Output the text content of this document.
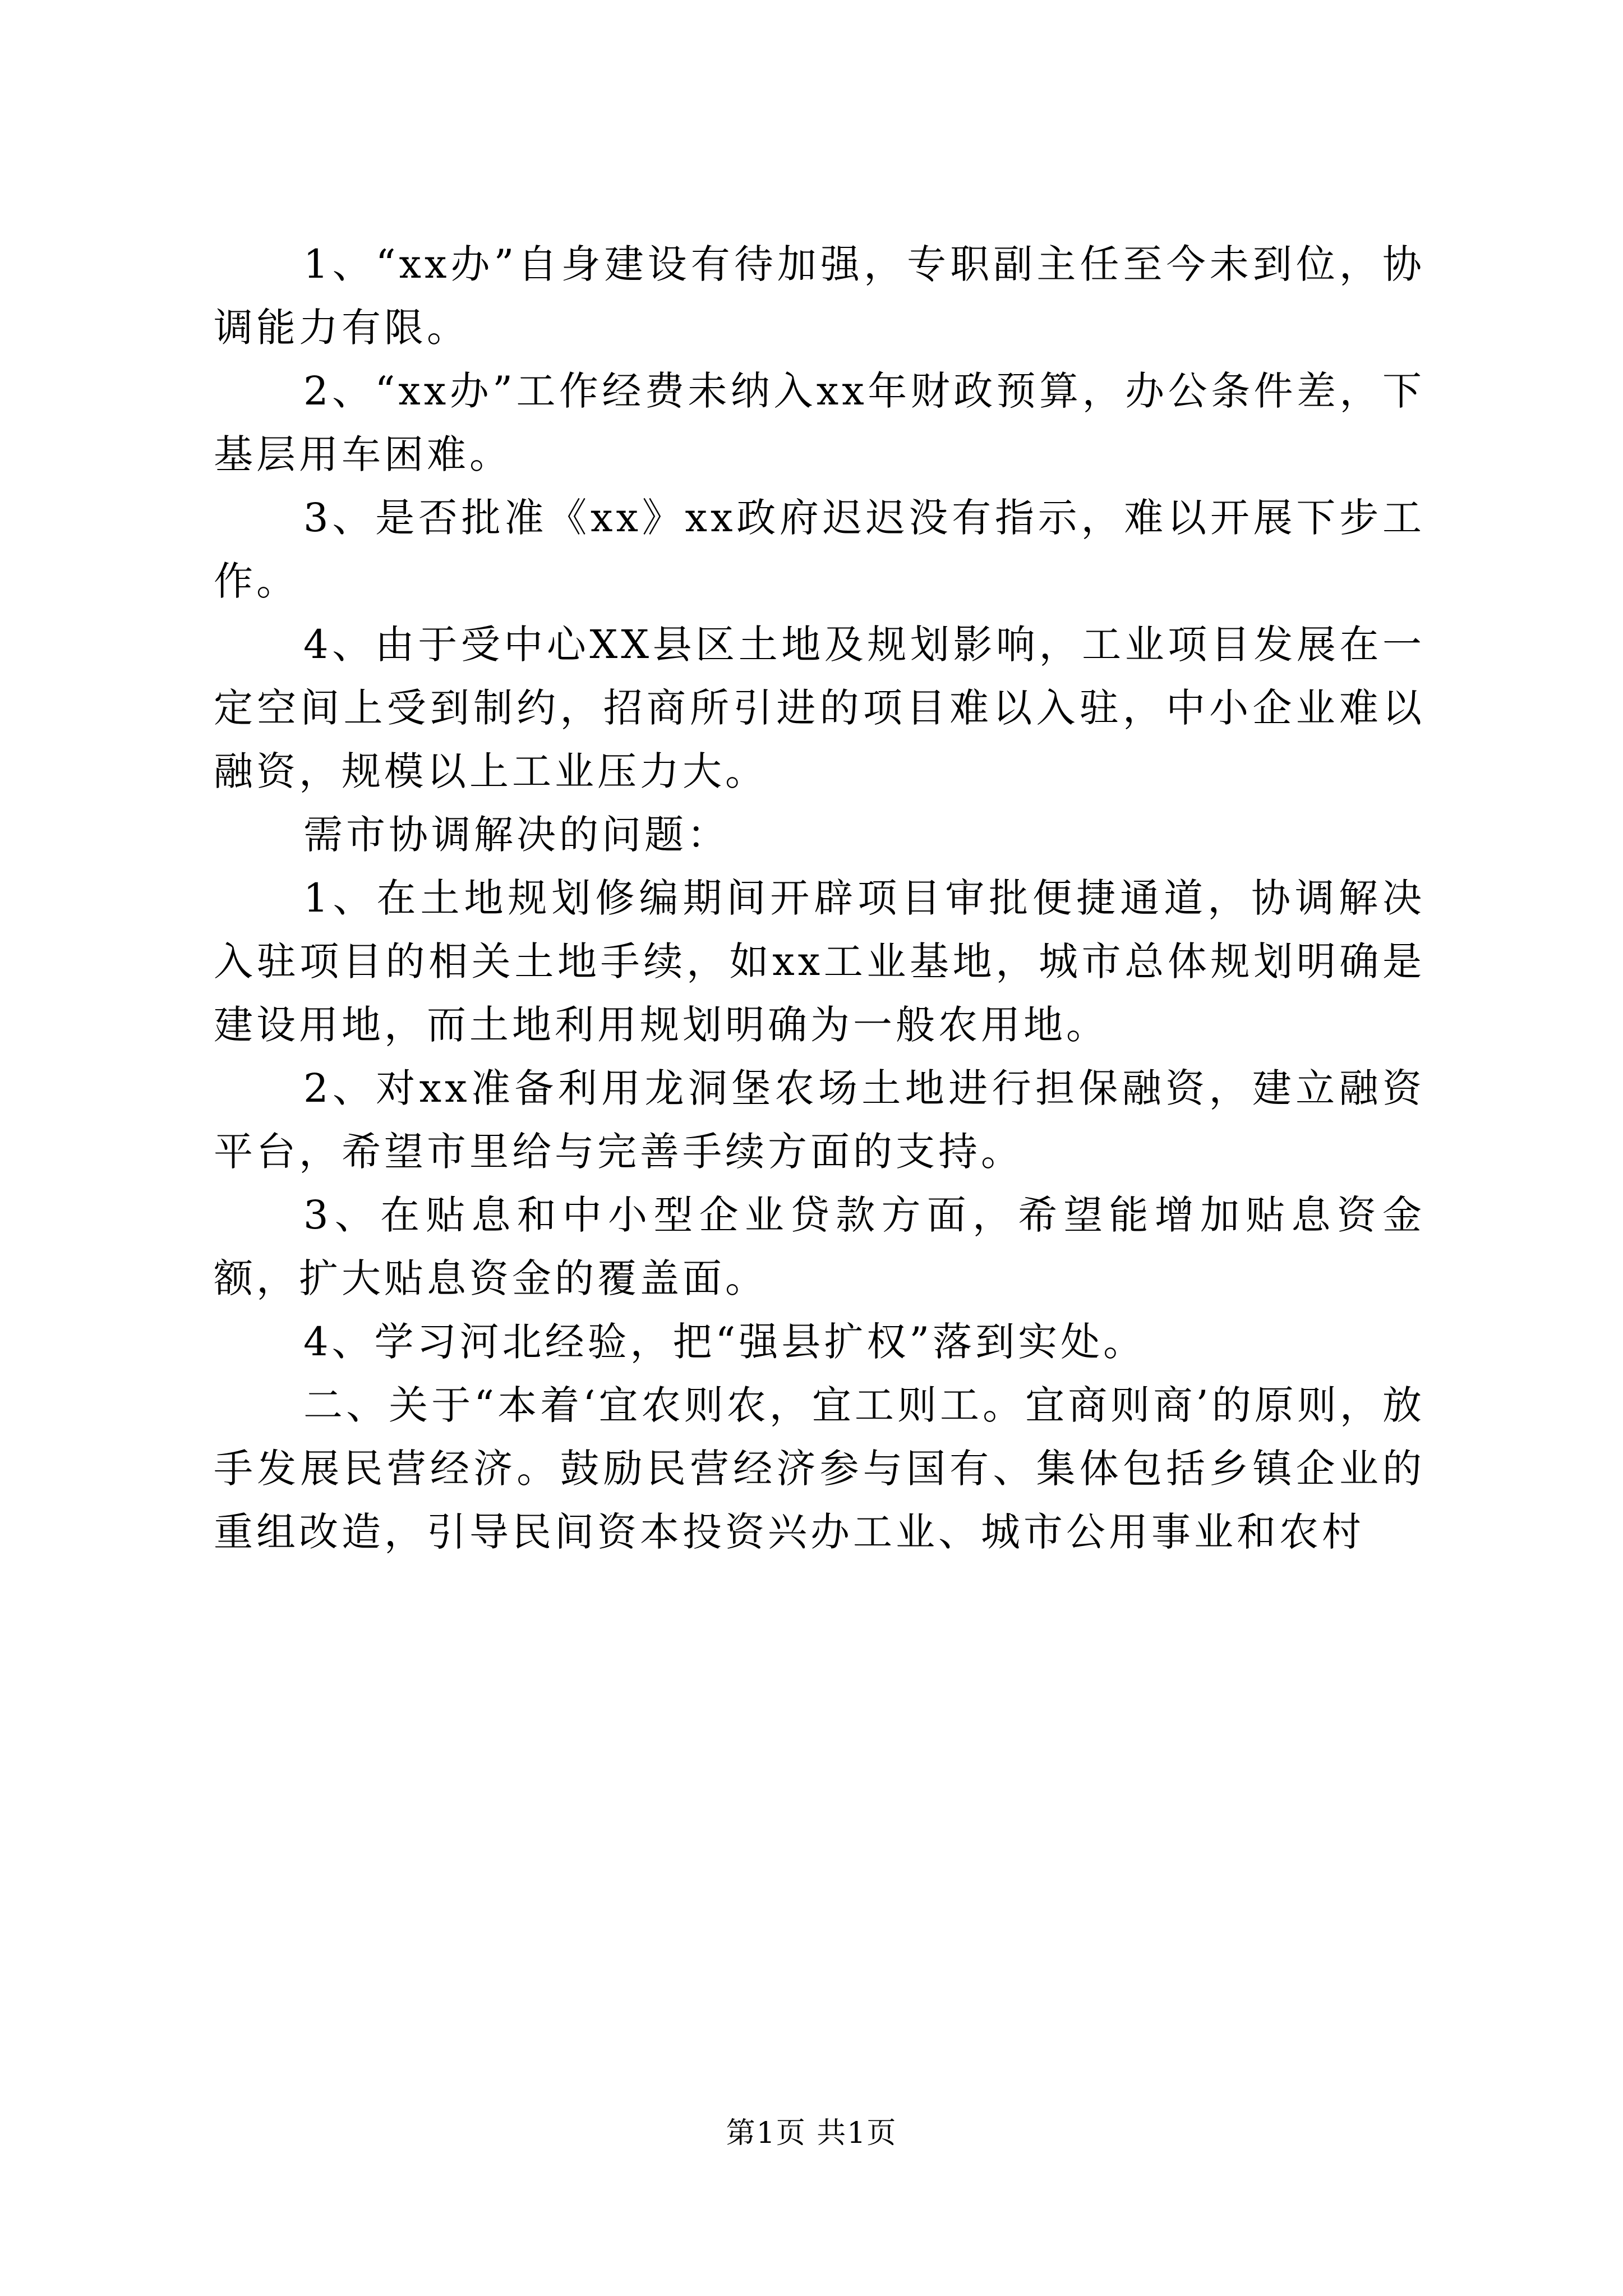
1、“xx办”自身建设有待加强，专职副主任至今未到位，协调能力有限。

2、“xx办”工作经费未纳入xx年财政预算，办公条件差，下基层用车困难。

3、是否批准《xx》xx政府迟迟没有指示，难以开展下步工作。

4、由于受中心XX县区土地及规划影响，工业项目发展在一定空间上受到制约，招商所引进的项目难以入驻，中小企业难以融资，规模以上工业压力大。

需市协调解决的问题：

1、在土地规划修编期间开辟项目审批便捷通道，协调解决入驻项目的相关土地手续，如xx工业基地，城市总体规划明确是建设用地，而土地利用规划明确为一般农用地。

2、对xx准备利用龙洞堡农场土地进行担保融资，建立融资平台，希望市里给与完善手续方面的支持。

3、在贴息和中小型企业贷款方面，希望能增加贴息资金额，扩大贴息资金的覆盖面。

4、学习河北经验，把“强县扩权”落到实处。

二、关于“本着‘宜农则农，宜工则工。宜商则商’的原则，放手发展民营经济。鼓励民营经济参与国有、集体包括乡镇企业的重组改造，引导民间资本投资兴办工业、城市公用事业和农村

第1页 共1页
